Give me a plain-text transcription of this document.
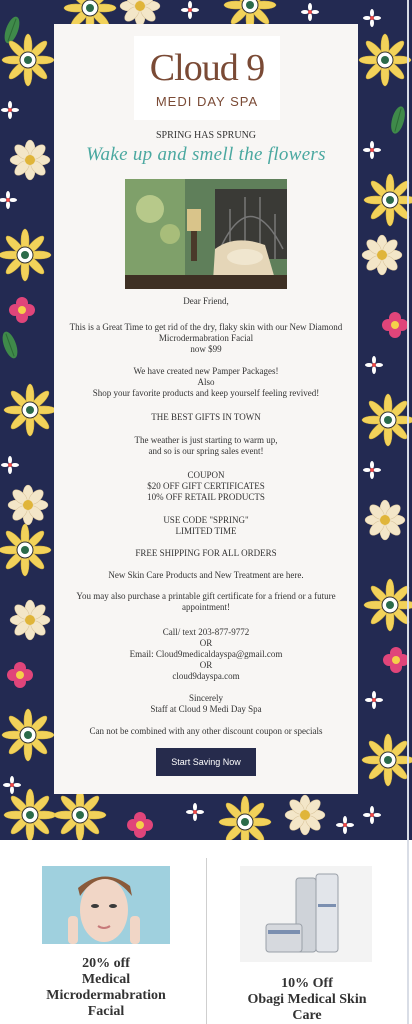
Cloud 9
MEDI DAY SPA
SPRING HAS SPRUNG
Wake up and smell the flowers
Dear Friend,
This is a Great Time to get rid of the dry, flaky skin with our New Diamond Microdermabration Facial
now $99
We have created new Pamper Packages!
Also
Shop your favorite products and keep yourself feeling revived!
THE BEST GIFTS IN TOWN
The weather is just starting to warm up,
and so is our spring sales event!
COUPON
$20 OFF GIFT CERTIFICATES
10% OFF RETAIL PRODUCTS
USE CODE "SPRING"
LIMITED TIME
FREE SHIPPING FOR ALL ORDERS
New Skin Care Products and New Treatment are here.
You may also purchase a printable gift certificate for a friend or a future appointment!
Call/ text 203-877-9772
OR
Email: Cloud9medicaldayspa@gmail.com
OR
cloud9dayspa.com
Sincerely
Staff at Cloud 9 Medi Day Spa
Can not be combined with any other discount coupon or specials
Start Saving Now
20% off
Medical
Microdermabration
Facial
10% Off
Obagi Medical Skin
Care
